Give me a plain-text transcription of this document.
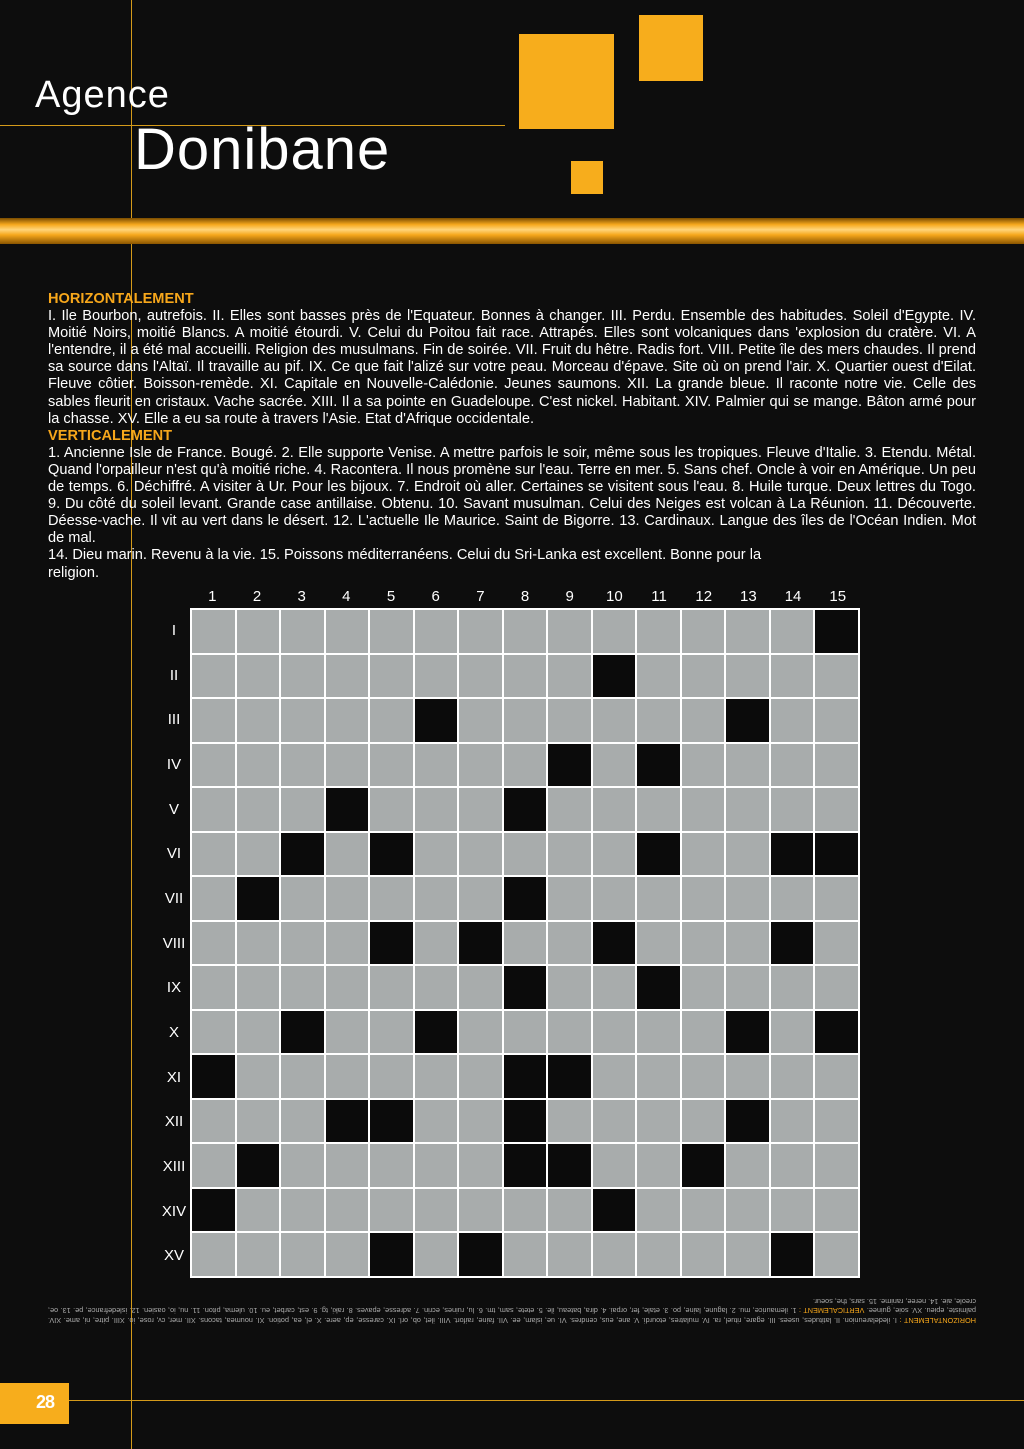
Agence
Donibane
HORIZONTALEMENT

I. Ile Bourbon, autrefois. II. Elles sont basses près de l'Equateur. Bonnes à changer. III. Perdu. Ensemble des habitudes. Soleil d'Egypte. IV. Moitié Noirs, moitié Blancs. A moitié étourdi. V. Celui du Poitou fait race. Attrapés. Elles sont volcaniques dans 'explosion du cratère. VI. A l'entendre, il a été mal accueilli. Religion des musulmans. Fin de soirée. VII. Fruit du hêtre. Radis fort. VIII. Petite île des mers chaudes. Il prend sa source dans l'Altaï. Il travaille au pif. IX. Ce que fait l'alizé sur votre peau. Morceau d'épave. Site où on prend l'air. X. Quartier ouest d'Eilat. Fleuve côtier. Boisson-remède. XI. Capitale en Nouvelle-Calédonie. Jeunes saumons. XII. La grande bleue. Il raconte notre vie. Celle des sables fleurit en cristaux. Vache sacrée. XIII. Il a sa pointe en Guadeloupe. C'est nickel. Habitant. XIV. Palmier qui se mange. Bâton armé pour la chasse. XV. Elle a eu sa route à travers l'Asie. Etat d'Afrique occidentale.

VERTICALEMENT

1. Ancienne Isle de France. Bougé. 2. Elle supporte Venise. A mettre parfois le soir, même sous les tropiques. Fleuve d'Italie. 3. Etendu. Métal. Quand l'orpailleur n'est qu'à moitié riche. 4. Racontera. Il nous promène sur l'eau. Terre en mer. 5. Sans chef. Oncle à voir en Amérique. Un peu de temps. 6. Déchiffré. A visiter à Ur. Pour les bijoux. 7. Endroit où aller. Certaines se visitent sous l'eau. 8. Huile turque. Deux lettres du Togo. 9. Du côté du soleil levant. Grande case antillaise. Obtenu. 10. Savant musulman. Celui des Neiges est volcan à La Réunion. 11. Découverte. Déesse-vache. Il vit au vert dans le désert. 12. L'actuelle Ile Maurice. Saint de Bigorre. 13. Cardinaux. Langue des îles de l'Océan Indien. Mot de mal.

14. Dieu marin. Revenu à la vie. 15. Poissons méditerranéens. Celui du Sri-Lanka est excellent. Bonne pour la religion.

1	2	3	4	5	6	7	8	9	10	11	12	13	14	15
I
II
III
IV
V
VI
VII
VIII
IX
X
XI
XII
XIII
XIV
XV
HORIZONTALEMENT : I. iledelareunion. II. latitudes, usees. III. egare, rituel, ra. IV. mulatres, etourdi. V. ane, eus, cendres. VI. ue, islam, ee. VII. faine, raifort. VIII. ilet, ob, orl. IX. caresse, ep, aere. X. el, ea, potion. XI. noumea, tacons. XII. mer, cv, rose, io. XIII. pitre, ni, ame. XIV. palmiste, epieu. XV. soie, guinee. VERTICALEMENT : 1. ilemaurice, mu. 2. lagune, laine, po. 3. etale, fer, orpai. 4. dira, bateau, ile. 5. etete, sam, tm. 6. lu, ruines, ecrin. 7. adresse, epaves. 8. raki, tg. 9. est, carbet, eu. 10. ulema, piton. 11. nu, io, oasien. 12. isledefrance, pe. 13. oe, creole, aie. 14. neree, ranime. 15. sars, the, soeur.
28
